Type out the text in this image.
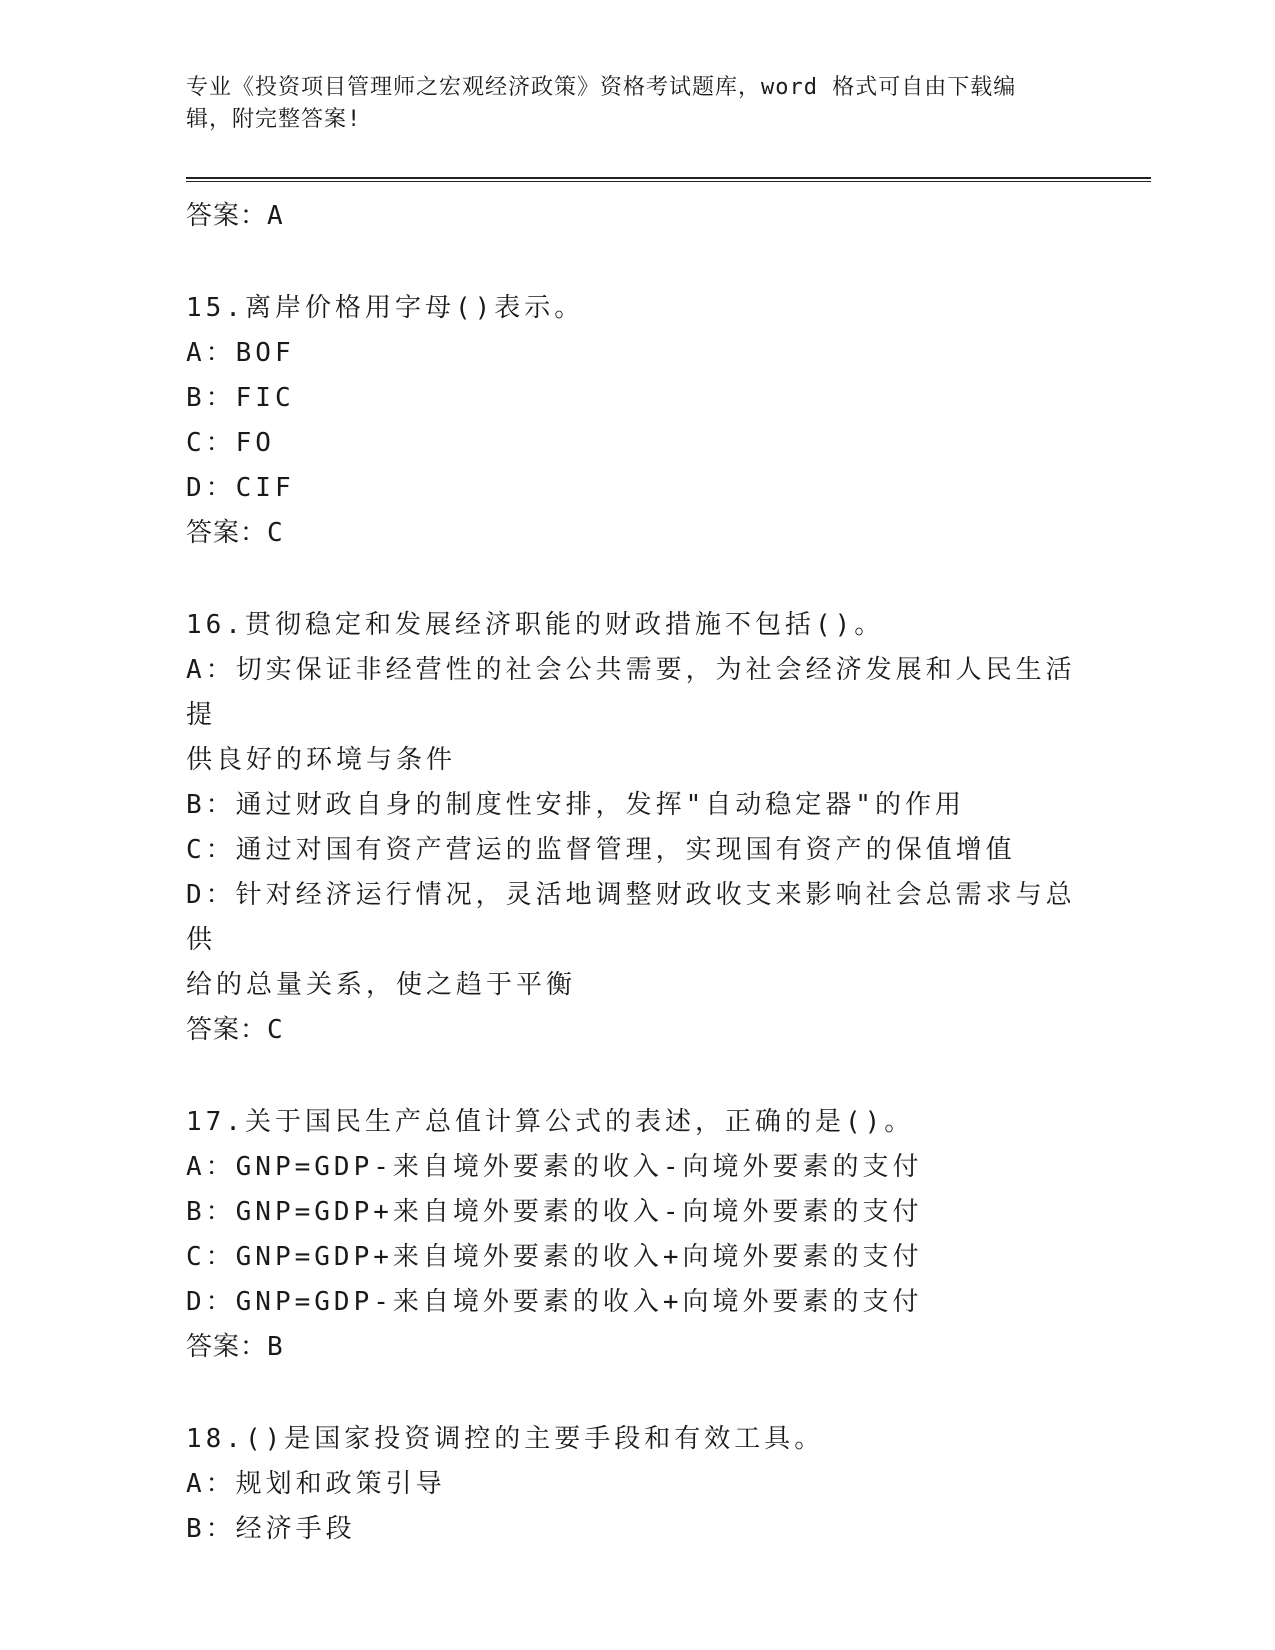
专业《投资项目管理师之宏观经济政策》资格考试题库，word 格式可自由下载编
辑，附完整答案!

答案：A

15.离岸价格用字母()表示。
A：BOF
B：FIC
C：FO
D：CIF

答案：C

16.贯彻稳定和发展经济职能的财政措施不包括()。
A：切实保证非经营性的社会公共需要，为社会经济发展和人民生活提
供良好的环境与条件
B：通过财政自身的制度性安排，发挥"自动稳定器"的作用
C：通过对国有资产营运的监督管理，实现国有资产的保值增值
D：针对经济运行情况，灵活地调整财政收支来影响社会总需求与总供
给的总量关系，使之趋于平衡

答案：C

17.关于国民生产总值计算公式的表述，正确的是()。
A：GNP=GDP-来自境外要素的收入-向境外要素的支付
B：GNP=GDP+来自境外要素的收入-向境外要素的支付
C：GNP=GDP+来自境外要素的收入+向境外要素的支付
D：GNP=GDP-来自境外要素的收入+向境外要素的支付

答案：B

18.()是国家投资调控的主要手段和有效工具。
A：规划和政策引导
B：经济手段
